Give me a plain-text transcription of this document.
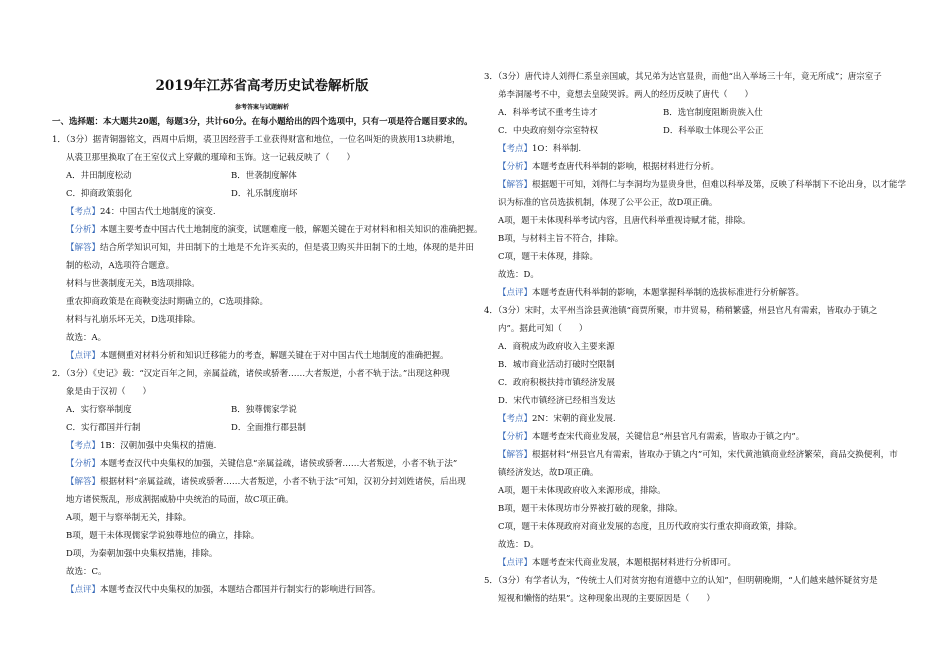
2019年江苏省高考历史试卷解析版
参考答案与试题解析
一、选择题：本大题共20题，每题3分，共计60分。在每小题给出的四个选项中，只有一项是符合题目要求的。
1．（3分）据青铜器铭文，西周中后期，裘卫因经营手工业获得财富和地位，一位名叫矩的贵族用13块耕地，
从裘卫那里换取了在王室仪式上穿戴的瑾璋和玉饰。这一记载反映了（　　）
A．井田制度松动	B．世袭制度解体
C．抑商政策弱化	D．礼乐制度崩坏
【考点】24：中国古代土地制度的演变.
【分析】本题主要考查中国古代土地制度的演变，试题难度一般，解题关键在于对材料和相关知识的准确把握。
【解答】结合所学知识可知，井田制下的土地是不允许买卖的，但是裘卫购买井田制下的土地，体现的是井田
制的松动，A选项符合题意。
材料与世袭制度无关，B选项排除。
重农抑商政策是在商鞅变法时期确立的，C选项排除。
材料与礼崩乐坏无关，D选项排除。
故选：A。
【点评】本题侧重对材料分析和知识迁移能力的考查，解题关键在于对中国古代土地制度的准确把握。
2．（3分）《史记》载：“汉定百年之间，亲属益疏，诸侯或骄奢……大者叛逆，小者不轨于法。”出现这种现
象是由于汉初（　　）
A．实行察举制度	B．独尊儒家学说
C．实行郡国并行制	D．全面推行郡县制
【考点】1B：汉朝加强中央集权的措施.
【分析】本题考查汉代中央集权的加强，关键信息“亲属益疏，诸侯或骄奢……大者叛逆，小者不轨于法”
【解答】根据材料“亲属益疏，诸侯或骄奢……大者叛逆，小者不轨于法”可知，汉初分封刘姓诸侯，后出现
地方诸侯叛乱，形成割据威胁中央统治的局面，故C项正确。
A项，题干与察举制无关，排除。
B项，题干未体现儒家学说独尊地位的确立，排除。
D项，为秦朝加强中央集权措施，排除。
故选：C。
【点评】本题考查汉代中央集权的加强，本题结合郡国并行制实行的影响进行回答。
3．（3分）唐代诗人刘得仁系皇亲国戚，其兄弟为达官显贵，而他“出入举场三十年，竟无所成”；唐宗室子
弟李洞屡考不中，竟想去皇陵哭诉。两人的经历反映了唐代（　　）
A．科举考试不重考生诗才	B．选官制度阻断贵族入仕
C．中央政府刻夺宗室特权	D．科举取士体现公平公正
【考点】1O：科举制.
【分析】本题考查唐代科举制的影响，根据材料进行分析。
【解答】根据题干可知，刘得仁与李洞均为显贵身世，但难以科举及第，反映了科举制下不论出身，以才能学
识为标准的官员选拔机制，体现了公平公正，故D项正确。
A项，题干未体现科举考试内容，且唐代科举重视诗赋才能，排除。
B项，与材料主旨不符合，排除。
C项，题干未体现，排除。
故选：D。
【点评】本题考查唐代科举制的影响，本题掌握科举制的选拔标准进行分析解答。
4．（3分）宋时，太平州当涂县黄池镇“商贾所聚，市井贸易，稍稍繁盛，州县官凡有需索，皆取办于镇之
内”。据此可知（　　）
A．商税成为政府收入主要来源
B．城市商业活动打破时空限制
C．政府积极扶持市镇经济发展
D．宋代市镇经济已经相当发达
【考点】2N：宋朝的商业发展.
【分析】本题考查宋代商业发展，关键信息“州县官凡有需索，皆取办于镇之内”。
【解答】根据材料“州县官凡有需索，皆取办于镇之内”可知，宋代黄池镇商业经济繁荣，商品交换便利，市
镇经济发达，故D项正确。
A项，题干未体现政府收入来源形成，排除。
B项，题干未体现坊市分界被打破的现象，排除。
C项，题干未体现政府对商业发展的态度，且历代政府实行重农抑商政策，排除。
故选：D。
【点评】本题考查宋代商业发展，本题根据材料进行分析即可。
5．（3分）有学者认为，“传统士人们对贫穷抱有道德中立的认知”，但明朝晚期，“人们越来越怀疑贫穷是
短视和懒惰的结果”。这种现象出现的主要原因是（　　）
